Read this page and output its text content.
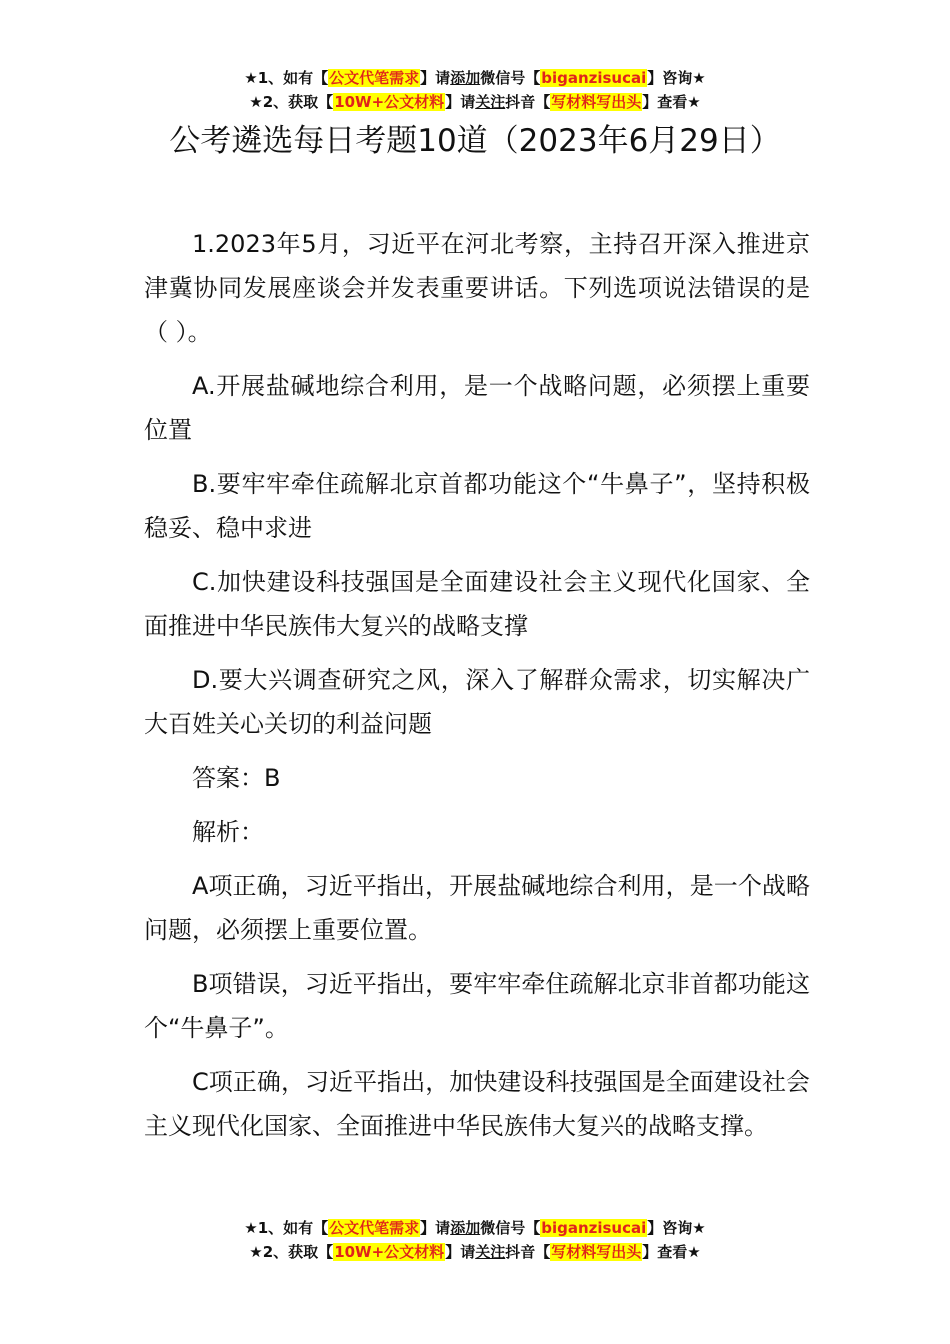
★1、如有【公文代笔需求】请添加微信号【biganzisucai】咨询★
★2、获取【10W+公文材料】请关注抖音【写材料写出头】查看★
公考遴选每日考题10道（2023年6月29日）

1.2023年5月，习近平在河北考察，主持召开深入推进京津冀协同发展座谈会并发表重要讲话。下列选项说法错误的是（ ）。

A.开展盐碱地综合利用，是一个战略问题，必须摆上重要位置

B.要牢牢牵住疏解北京首都功能这个“牛鼻子”，坚持积极稳妥、稳中求进

C.加快建设科技强国是全面建设社会主义现代化国家、全面推进中华民族伟大复兴的战略支撑

D.要大兴调查研究之风，深入了解群众需求，切实解决广大百姓关心关切的利益问题

答案：B

解析：

A项正确，习近平指出，开展盐碱地综合利用，是一个战略问题，必须摆上重要位置。

B项错误，习近平指出，要牢牢牵住疏解北京非首都功能这个“牛鼻子”。

C项正确，习近平指出，加快建设科技强国是全面建设社会主义现代化国家、全面推进中华民族伟大复兴的战略支撑。

★1、如有【公文代笔需求】请添加微信号【biganzisucai】咨询★
★2、获取【10W+公文材料】请关注抖音【写材料写出头】查看★
